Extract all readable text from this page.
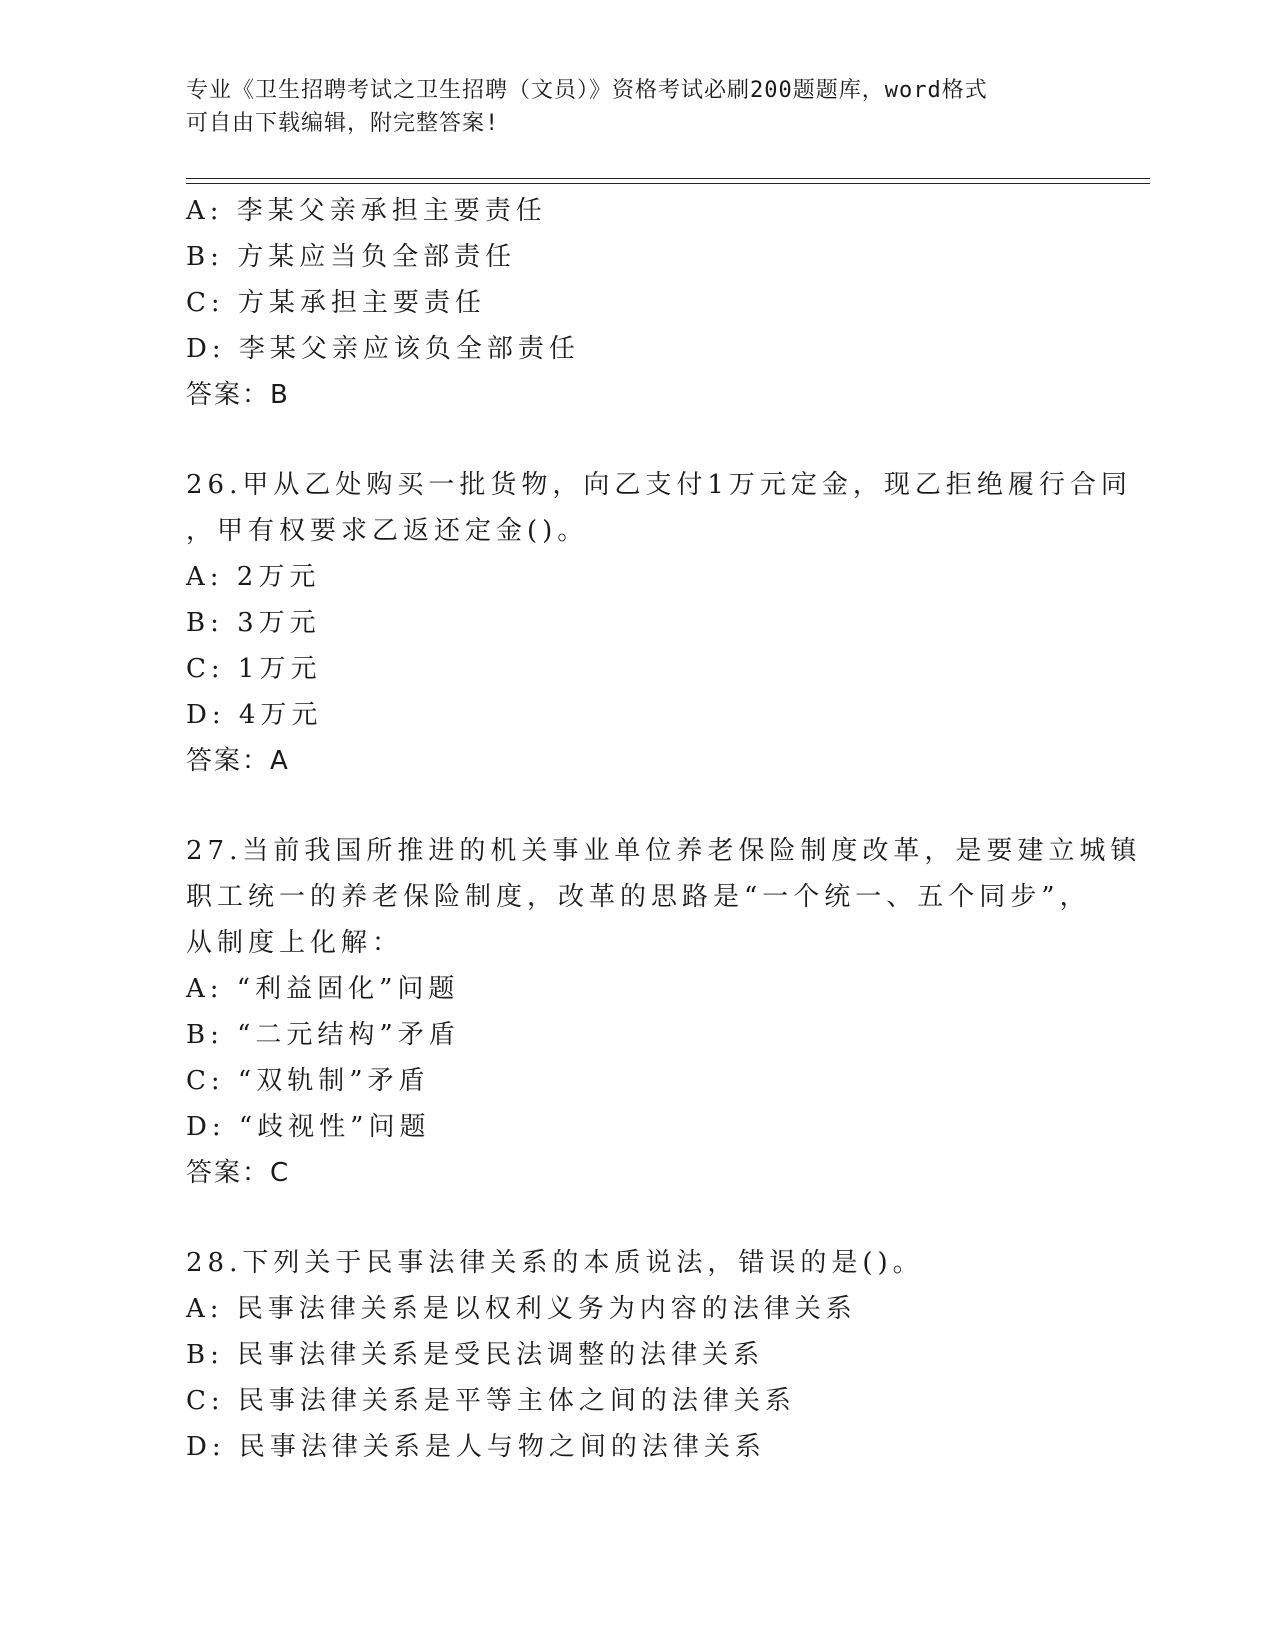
专业《卫生招聘考试之卫生招聘（文员）》资格考试必刷200题题库，word格式
可自由下载编辑，附完整答案!
A: 李某父亲承担主要责任
B: 方某应当负全部责任
C: 方某承担主要责任
D: 李某父亲应该负全部责任
答案：B
26.甲从乙处购买一批货物，向乙支付1万元定金，现乙拒绝履行合同
，甲有权要求乙返还定金()。
A: 2万元
B: 3万元
C: 1万元
D: 4万元
答案：A
27.当前我国所推进的机关事业单位养老保险制度改革，是要建立城镇
职工统一的养老保险制度，改革的思路是“一个统一、五个同步”，
从制度上化解：
A: “利益固化”问题
B: “二元结构”矛盾
C: “双轨制”矛盾
D: “歧视性”问题
答案：C
28.下列关于民事法律关系的本质说法，错误的是()。
A: 民事法律关系是以权利义务为内容的法律关系
B: 民事法律关系是受民法调整的法律关系
C: 民事法律关系是平等主体之间的法律关系
D: 民事法律关系是人与物之间的法律关系
